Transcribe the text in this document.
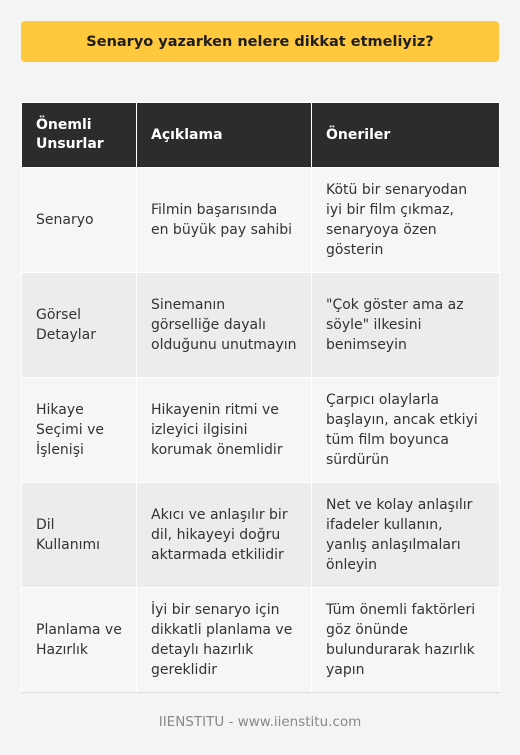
Senaryo yazarken nelere dikkat etmeliyiz?
Önemli Unsurlar	Açıklama	Öneriler
Senaryo	Filmin başarısında en büyük pay sahibi	Kötü bir senaryodan iyi bir film çıkmaz, senaryoya özen gösterin
Görsel Detaylar	Sinemanın görselliğe dayalı olduğunu unutmayın	"Çok göster ama az söyle" ilkesini benimseyin
Hikaye Seçimi ve İşlenişi	Hikayenin ritmi ve izleyici ilgisini korumak önemlidir	Çarpıcı olaylarla başlayın, ancak etkiyi tüm film boyunca sürdürün
Dil Kullanımı	Akıcı ve anlaşılır bir dil, hikayeyi doğru aktarmada etkilidir	Net ve kolay anlaşılır ifadeler kullanın, yanlış anlaşılmaları önleyin
Planlama ve Hazırlık	İyi bir senaryo için dikkatli planlama ve detaylı hazırlık gereklidir	Tüm önemli faktörleri göz önünde bulundurarak hazırlık yapın
IIENSTITU - www.iienstitu.com
